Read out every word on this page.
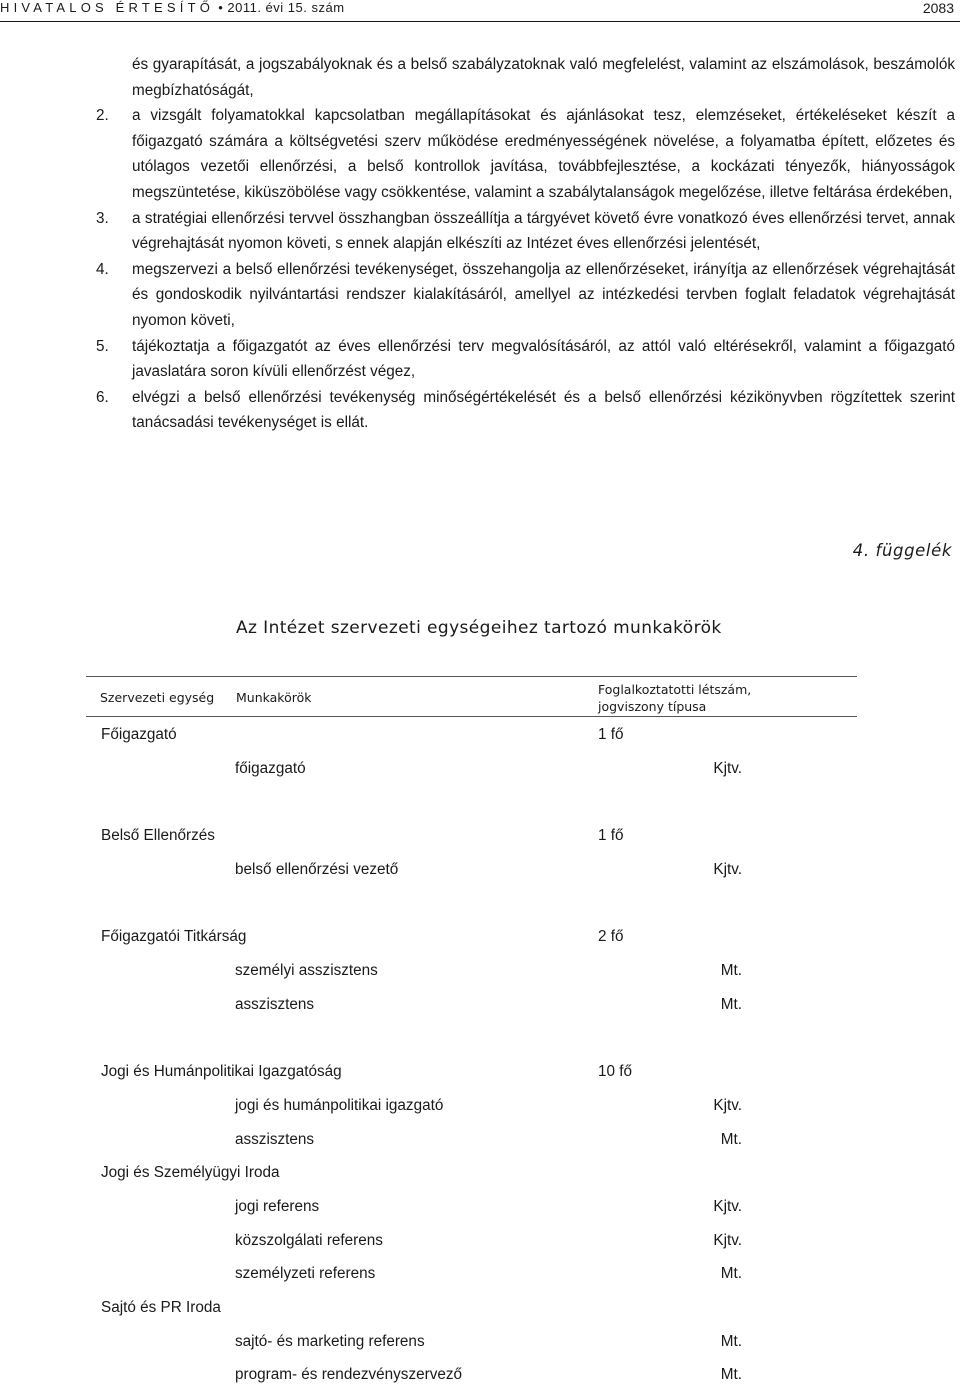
HIVATALOS ÉRTESÍTŐ • 2011. évi 15. szám	2083
és gyarapítását, a jogszabályoknak és a belső szabályzatoknak való megfelelést, valamint az elszámolások, beszámolók megbízhatóságát,
2. a vizsgált folyamatokkal kapcsolatban megállapításokat és ajánlásokat tesz, elemzéseket, értékeléseket készít a főigazgató számára a költségvetési szerv működése eredményességének növelése, a folyamatba épített, előzetes és utólagos vezetői ellenőrzési, a belső kontrollok javítása, továbbfejlesztése, a kockázati tényezők, hiányosságok megszüntetése, kiküszöbölése vagy csökkentése, valamint a szabálytalanságok megelőzése, illetve feltárása érdekében,
3. a stratégiai ellenőrzési tervvel összhangban összeállítja a tárgyévet követő évre vonatkozó éves ellenőrzési tervet, annak végrehajtását nyomon követi, s ennek alapján elkészíti az Intézet éves ellenőrzési jelentését,
4. megszervezi a belső ellenőrzési tevékenységet, összehangolja az ellenőrzéseket, irányítja az ellenőrzések végrehajtását és gondoskodik nyilvántartási rendszer kialakításáról, amellyel az intézkedési tervben foglalt feladatok végrehajtását nyomon követi,
5. tájékoztatja a főigazgatót az éves ellenőrzési terv megvalósításáról, az attól való eltérésekről, valamint a főigazgató javaslatára soron kívüli ellenőrzést végez,
6. elvégzi a belső ellenőrzési tevékenység minőségértékelését és a belső ellenőrzési kézikönyvben rögzítettek szerint tanácsadási tevékenységet is ellát.
4. függelék
Az Intézet szervezeti egységeihez tartozó munkakörök
Szervezeti egység Munkakörök
Foglalkoztatotti létszám,
jogviszony típusa
Főigazgató	1 fő
főigazgató	Kjtv.
Belső Ellenőrzés	1 fő
belső ellenőrzési vezető	Kjtv.
Főigazgatói Titkárság	2 fő
személyi asszisztens	Mt.
asszisztens	Mt.
Jogi és Humánpolitikai Igazgatóság	10 fő
jogi és humánpolitikai igazgató	Kjtv.
asszisztens	Mt.
Jogi és Személyügyi Iroda
jogi referens	Kjtv.
közszolgálati referens	Kjtv.
személyzeti referens	Mt.
Sajtó és PR Iroda
sajtó- és marketing referens	Mt.
program- és rendezvényszervező	Mt.
